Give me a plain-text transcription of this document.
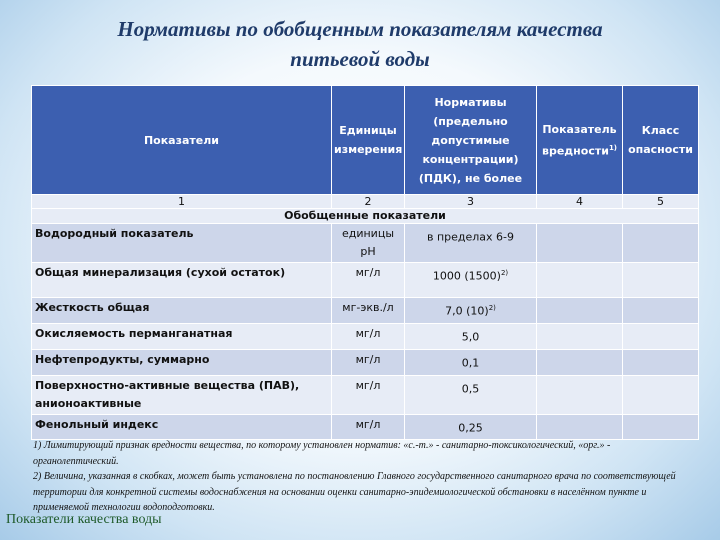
Нормативы по обобщенным показателям качества
питьевой воды
Показатели	Единицы измерения	Нормативы (предельно допустимые концентрации) (ПДК), не более	Показатель вредности$^{1)}$	Класс опасности
1	2	3	4	5
Обобщенные показатели				
Водородный показатель	единицы рН	в пределах 6-9		
Общая минерализация (сухой остаток)	мг/л	1000 $(1500)^{2)}$		
Жесткость общая	мг-экв./л	7,0 $(10)^{2)}$		
Окисляемость перманганатная	мг/л	5,0		
Нефтепродукты, суммарно	мг/л	0,1		
Поверхностно-активные вещества (ПАВ), анионоактивные	мг/л	0,5		
Фенольный индекс	мг/л	0,25		
1) Лимитирующий признак вредности вещества, по которому установлен норматив: «с.-т.» - санитарно-токсикологический, «орг.» - органолептический.
2) Величина, указанная в скобках, может быть установлена по постановлению Главного государственного санитарного врача по соответствующей территории для конкретной системы водоснабжения на основании оценки санитарно-эпидемиологической обстановки в населённом пункте и применяемой технологии водоподготовки.
Показатели качества воды
